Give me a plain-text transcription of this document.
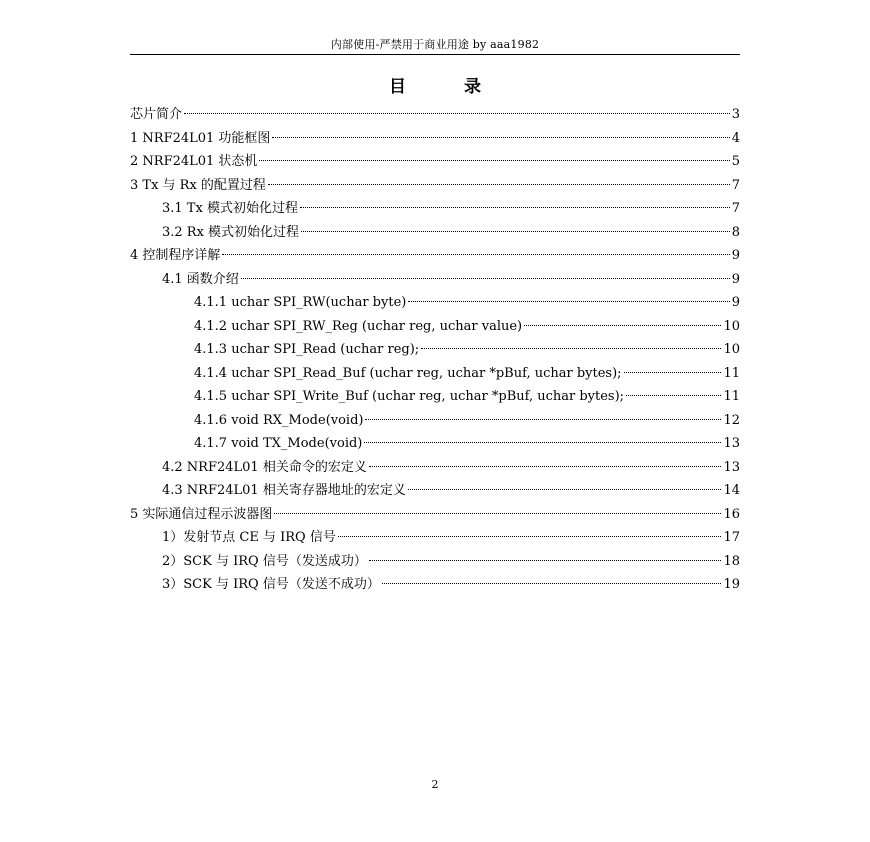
内部使用-严禁用于商业用途 by aaa1982
目 录
芯片简介	3
1 NRF24L01 功能框图	4
2 NRF24L01 状态机	5
3 Tx 与 Rx 的配置过程	7
3.1 Tx 模式初始化过程	7
3.2 Rx 模式初始化过程	8
4 控制程序详解	9
4.1 函数介绍	9
4.1.1 uchar SPI_RW(uchar byte)	9
4.1.2 uchar SPI_RW_Reg (uchar reg, uchar value)	10
4.1.3 uchar SPI_Read (uchar reg);	10
4.1.4 uchar SPI_Read_Buf (uchar reg, uchar *pBuf, uchar bytes);	11
4.1.5 uchar SPI_Write_Buf (uchar reg, uchar *pBuf, uchar bytes);	11
4.1.6 void RX_Mode(void)	12
4.1.7 void TX_Mode(void)	13
4.2 NRF24L01 相关命令的宏定义	13
4.3 NRF24L01 相关寄存器地址的宏定义	14
5 实际通信过程示波器图	16
1）发射节点 CE 与 IRQ 信号	17
2）SCK 与 IRQ 信号（发送成功）	18
3）SCK 与 IRQ 信号（发送不成功）	19
2
